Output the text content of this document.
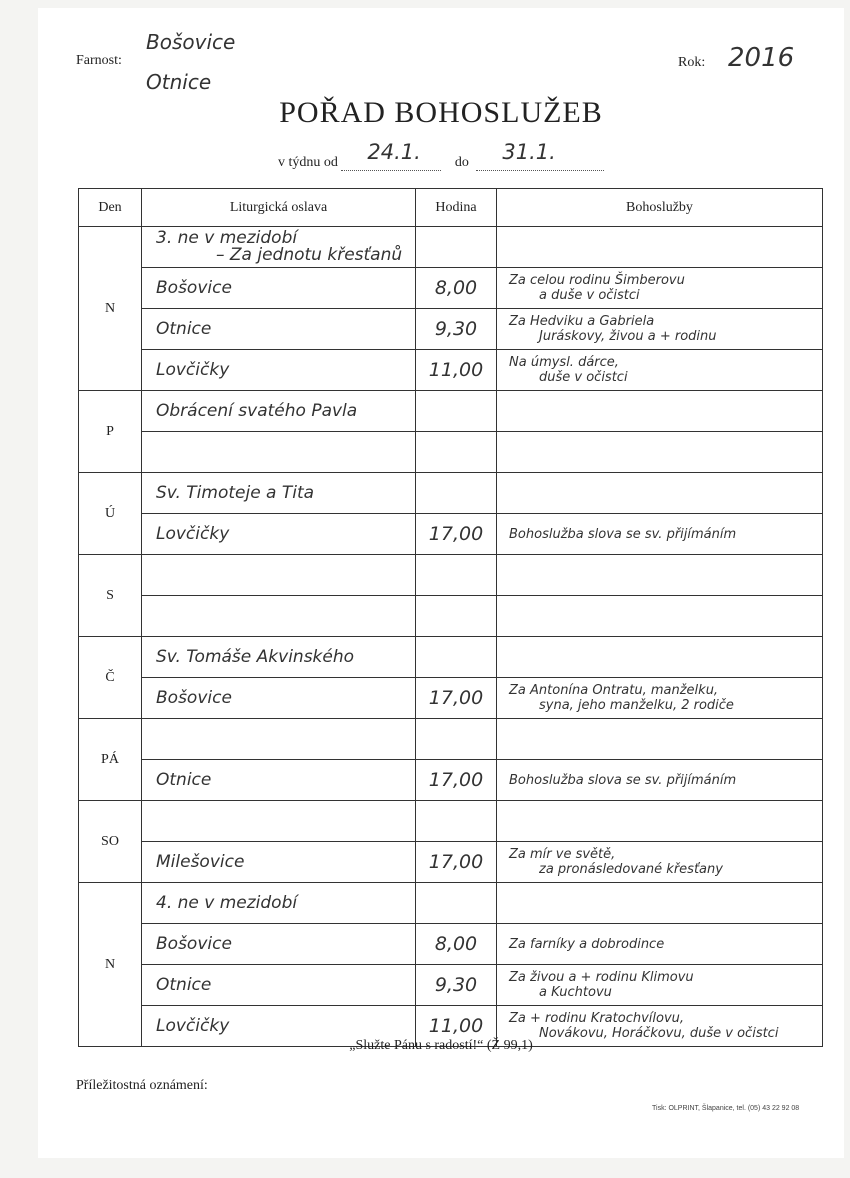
Farnost:
Bošovice
Otnice
Rok: 2016
POŘAD BOHOSLUŽEB
v týdnu od 24.1. do 31.1.
Den	Liturgická oslava	Hodina	Bohoslužby
N	3. ne v mezidobí
– Za jednotu křesťanů		

	Bošovice	8,00	Za celou rodinu Šimberovu
a duše v očistci

	Otnice	9,30	Za Hedviku a Gabriela
Juráskovy, živou a + rodinu

	Lovčičky	11,00	Na úmysl. dárce,
duše v očistci

P	Obrácení svatého Pavla		

Ú	Sv. Timoteje a Tita		

	Lovčičky	17,00	Bohoslužba slova se sv. přijímáním

S	

Č	Sv. Tomáše Akvinského		

	Bošovice	17,00	Za Antonína Ontratu, manželku,
syna, jeho manželku, 2 rodiče

PÁ	

	Otnice	17,00	Bohoslužba slova se sv. přijímáním

SO	

	Milešovice	17,00	Za mír ve světě,
za pronásledované křesťany

N	4. ne v mezidobí		

	Bošovice	8,00	Za farníky a dobrodince

	Otnice	9,30	Za živou a + rodinu Klimovu
a Kuchtovu

	Lovčičky	11,00	Za + rodinu Kratochvílovu,
Novákovu, Horáčkovu, duše v očistci
„Služte Pánu s radostí!“ (Ž 99,1)
Příležitostná oznámení:
Tisk: OLPRINT, Šlapanice, tel. (05) 43 22 92 08
